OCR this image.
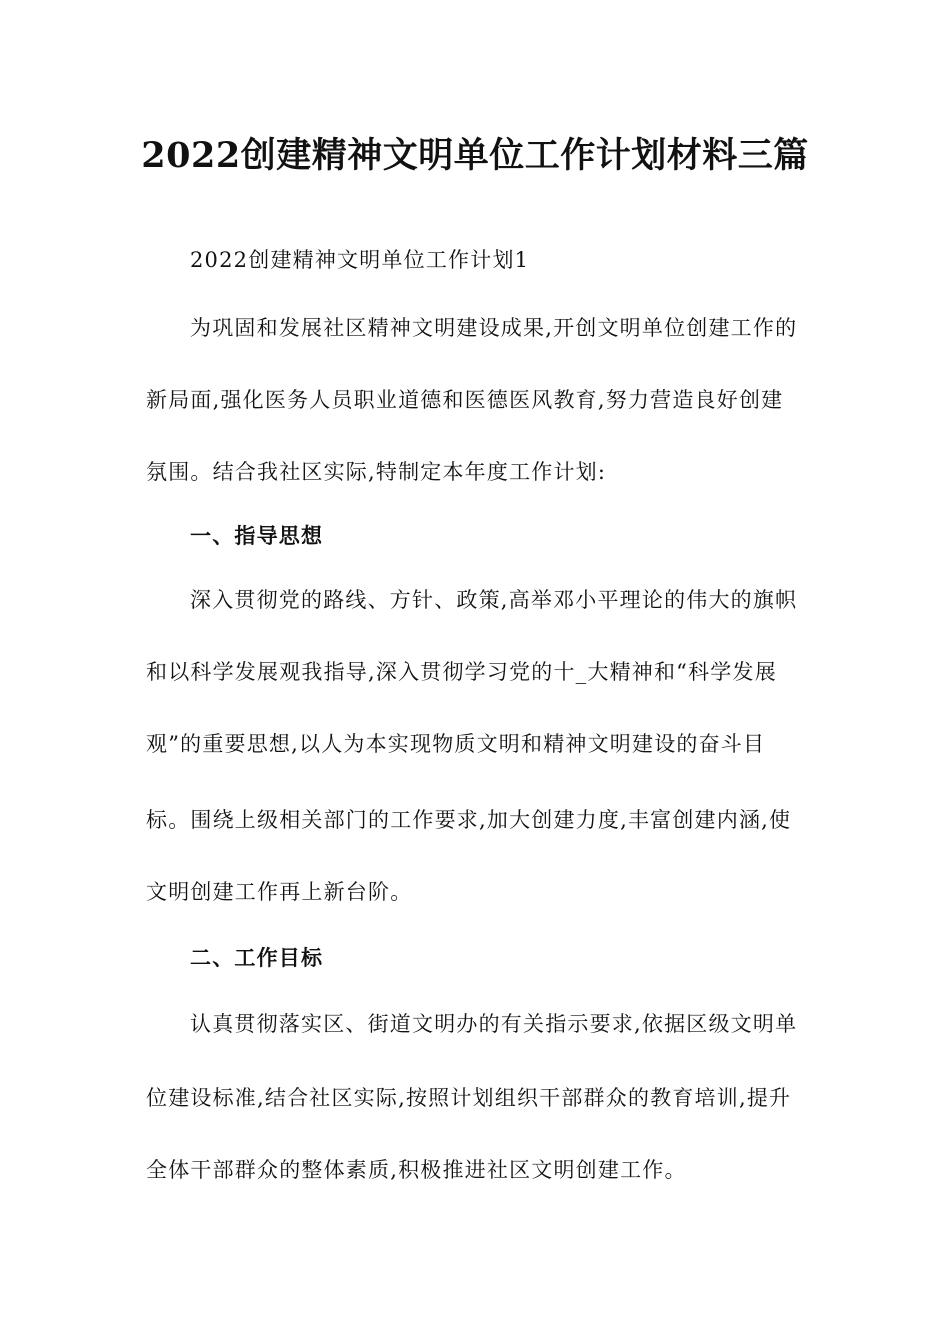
2022创建精神文明单位工作计划材料三篇

2022创建精神文明单位工作计划1

为巩固和发展社区精神文明建设成果,开创文明单位创建工作的

新局面,强化医务人员职业道德和医德医风教育,努力营造良好创建

氛围。结合我社区实际,特制定本年度工作计划:

一、指导思想

深入贯彻党的路线、方针、政策,高举邓小平理论的伟大的旗帜

和以科学发展观我指导,深入贯彻学习党的十_大精神和“科学发展

观”的重要思想,以人为本实现物质文明和精神文明建设的奋斗目

标。围绕上级相关部门的工作要求,加大创建力度,丰富创建内涵,使

文明创建工作再上新台阶。

二、工作目标

认真贯彻落实区、街道文明办的有关指示要求,依据区级文明单

位建设标准,结合社区实际,按照计划组织干部群众的教育培训,提升

全体干部群众的整体素质,积极推进社区文明创建工作。
